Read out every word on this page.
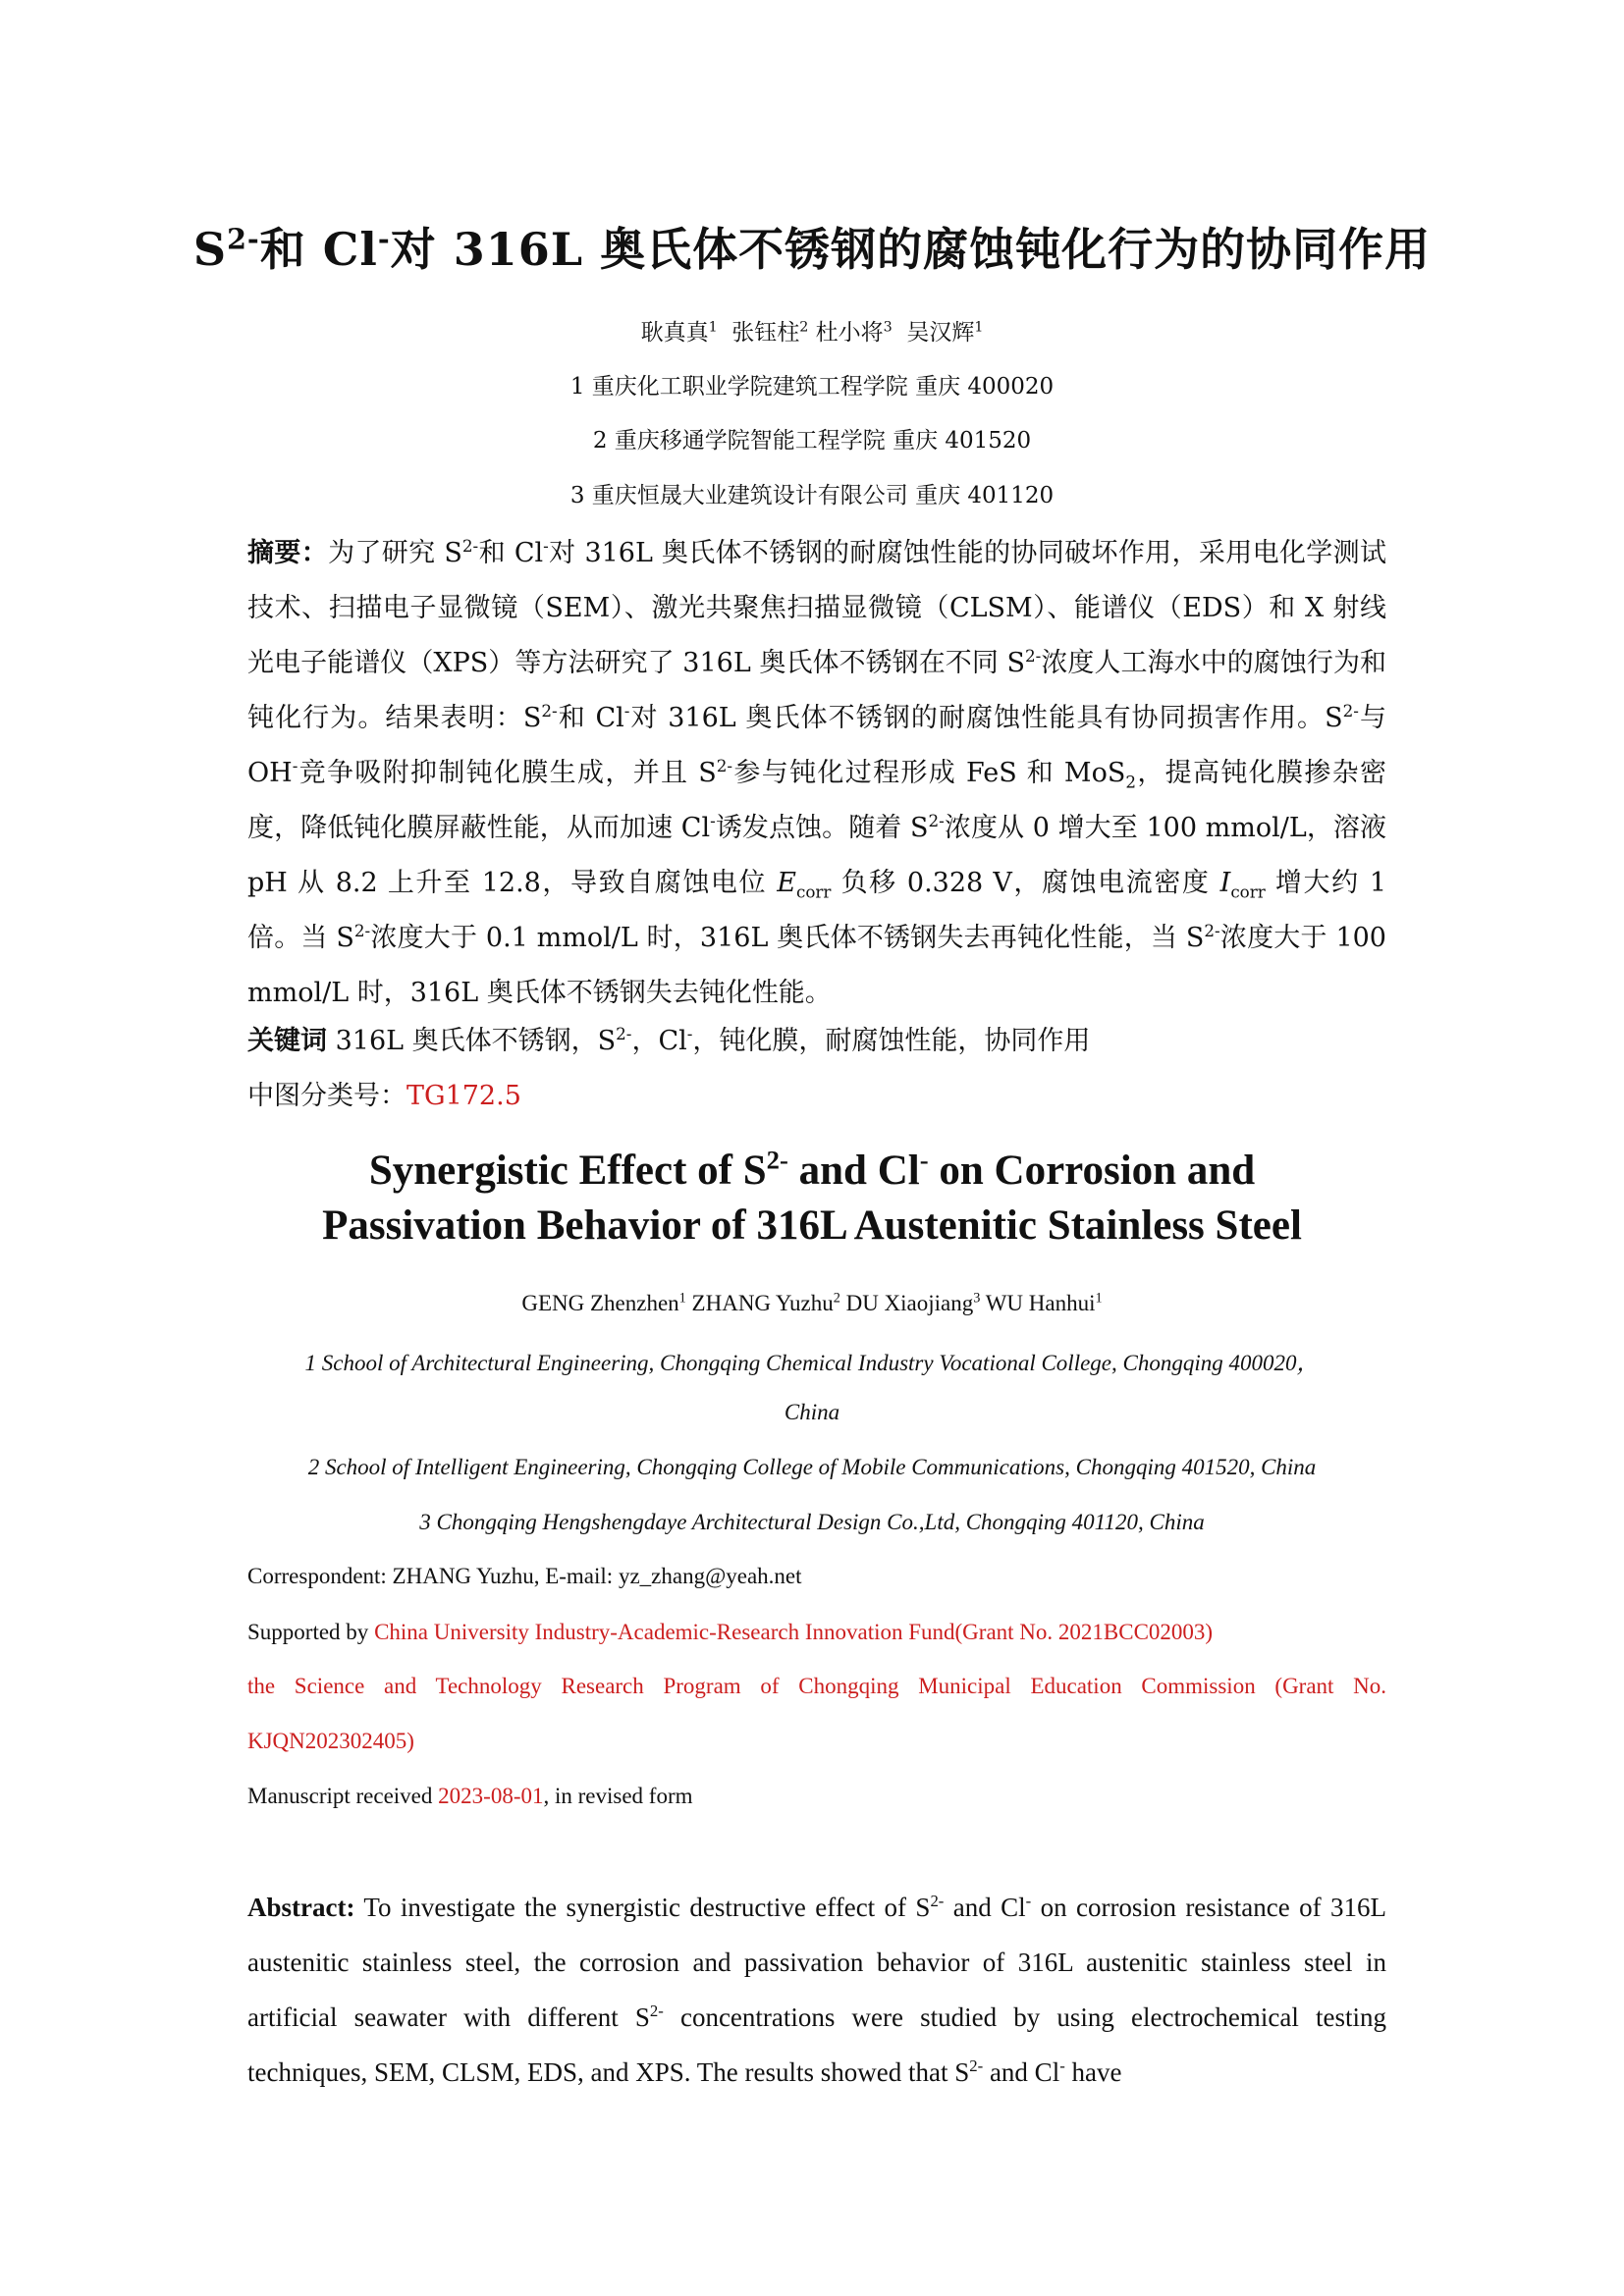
$S^{2-}$和 Cl-对 316L 奥氏体不锈钢的腐蚀钝化行为的协同作用
耿真真$^1$ 张钰柱$^2$ 杜小将$^3$ 吴汉辉$^1$
1 重庆化工职业学院建筑工程学院 重庆 400020
2 重庆移通学院智能工程学院 重庆 401520
3 重庆恒晟大业建筑设计有限公司 重庆 401120
摘要：为了研究 $S^{2-}$和 Cl-对 316L 奥氏体不锈钢的耐腐蚀性能的协同破坏作用，采用电化学测试技术、扫描电子显微镜（SEM）、激光共聚焦扫描显微镜（CLSM）、能谱仪（EDS）和 X 射线光电子能谱仪（XPS）等方法研究了 316L 奥氏体不锈钢在不同 $S^{2-}$浓度人工海水中的腐蚀行为和钝化行为。结果表明：$S^{2-}$和 Cl-对 316L 奥氏体不锈钢的耐腐蚀性能具有协同损害作用。$S^{2-}$与 OH-竞争吸附抑制钝化膜生成，并且 $S^{2-}$参与钝化过程形成 FeS 和 MoS$_2$，提高钝化膜掺杂密度，降低钝化膜屏蔽性能，从而加速 Cl-诱发点蚀。随着 $S^{2-}$浓度从 0 增大至 100 mmol/L，溶液 pH 从 8.2 上升至 12.8，导致自腐蚀电位 $E_{corr}$ 负移 0.328 V，腐蚀电流密度 $I_{corr}$ 增大约 1 倍。当 $S^{2-}$浓度大于 0.1 mmol/L 时，316L 奥氏体不锈钢失去再钝化性能，当 $S^{2-}$浓度大于 100 mmol/L 时，316L 奥氏体不锈钢失去钝化性能。
关键词 316L 奥氏体不锈钢，$S^{2-}$，Cl-，钝化膜，耐腐蚀性能，协同作用
中图分类号：TG172.5
Synergistic Effect of $S^{2-}$ and Cl- on Corrosion and
Passivation Behavior of 316L Austenitic Stainless Steel
GENG Zhenzhen$^1$ ZHANG Yuzhu$^2$ DU Xiaojiang$^3$ WU Hanhui$^1$
1 School of Architectural Engineering, Chongqing Chemical Industry Vocational College, Chongqing 400020，
China
2 School of Intelligent Engineering, Chongqing College of Mobile Communications, Chongqing 401520, China
3 Chongqing Hengshengdaye Architectural Design Co.,Ltd, Chongqing 401120, China
Correspondent: ZHANG Yuzhu, E-mail: yz_zhang@yeah.net
Supported by China University Industry-Academic-Research Innovation Fund(Grant No. 2021BCC02003)
the Science and Technology Research Program of Chongqing Municipal Education Commission (Grant No.
KJQN202302405)
Manuscript received 2023-08-01, in revised form
Abstract: To investigate the synergistic destructive effect of $S^{2-}$ and Cl- on corrosion resistance of 316L austenitic stainless steel, the corrosion and passivation behavior of 316L austenitic stainless steel in artificial seawater with different $S^{2-}$ concentrations were studied by using electrochemical testing techniques, SEM, CLSM, EDS, and XPS. The results showed that $S^{2-}$ and Cl- have
